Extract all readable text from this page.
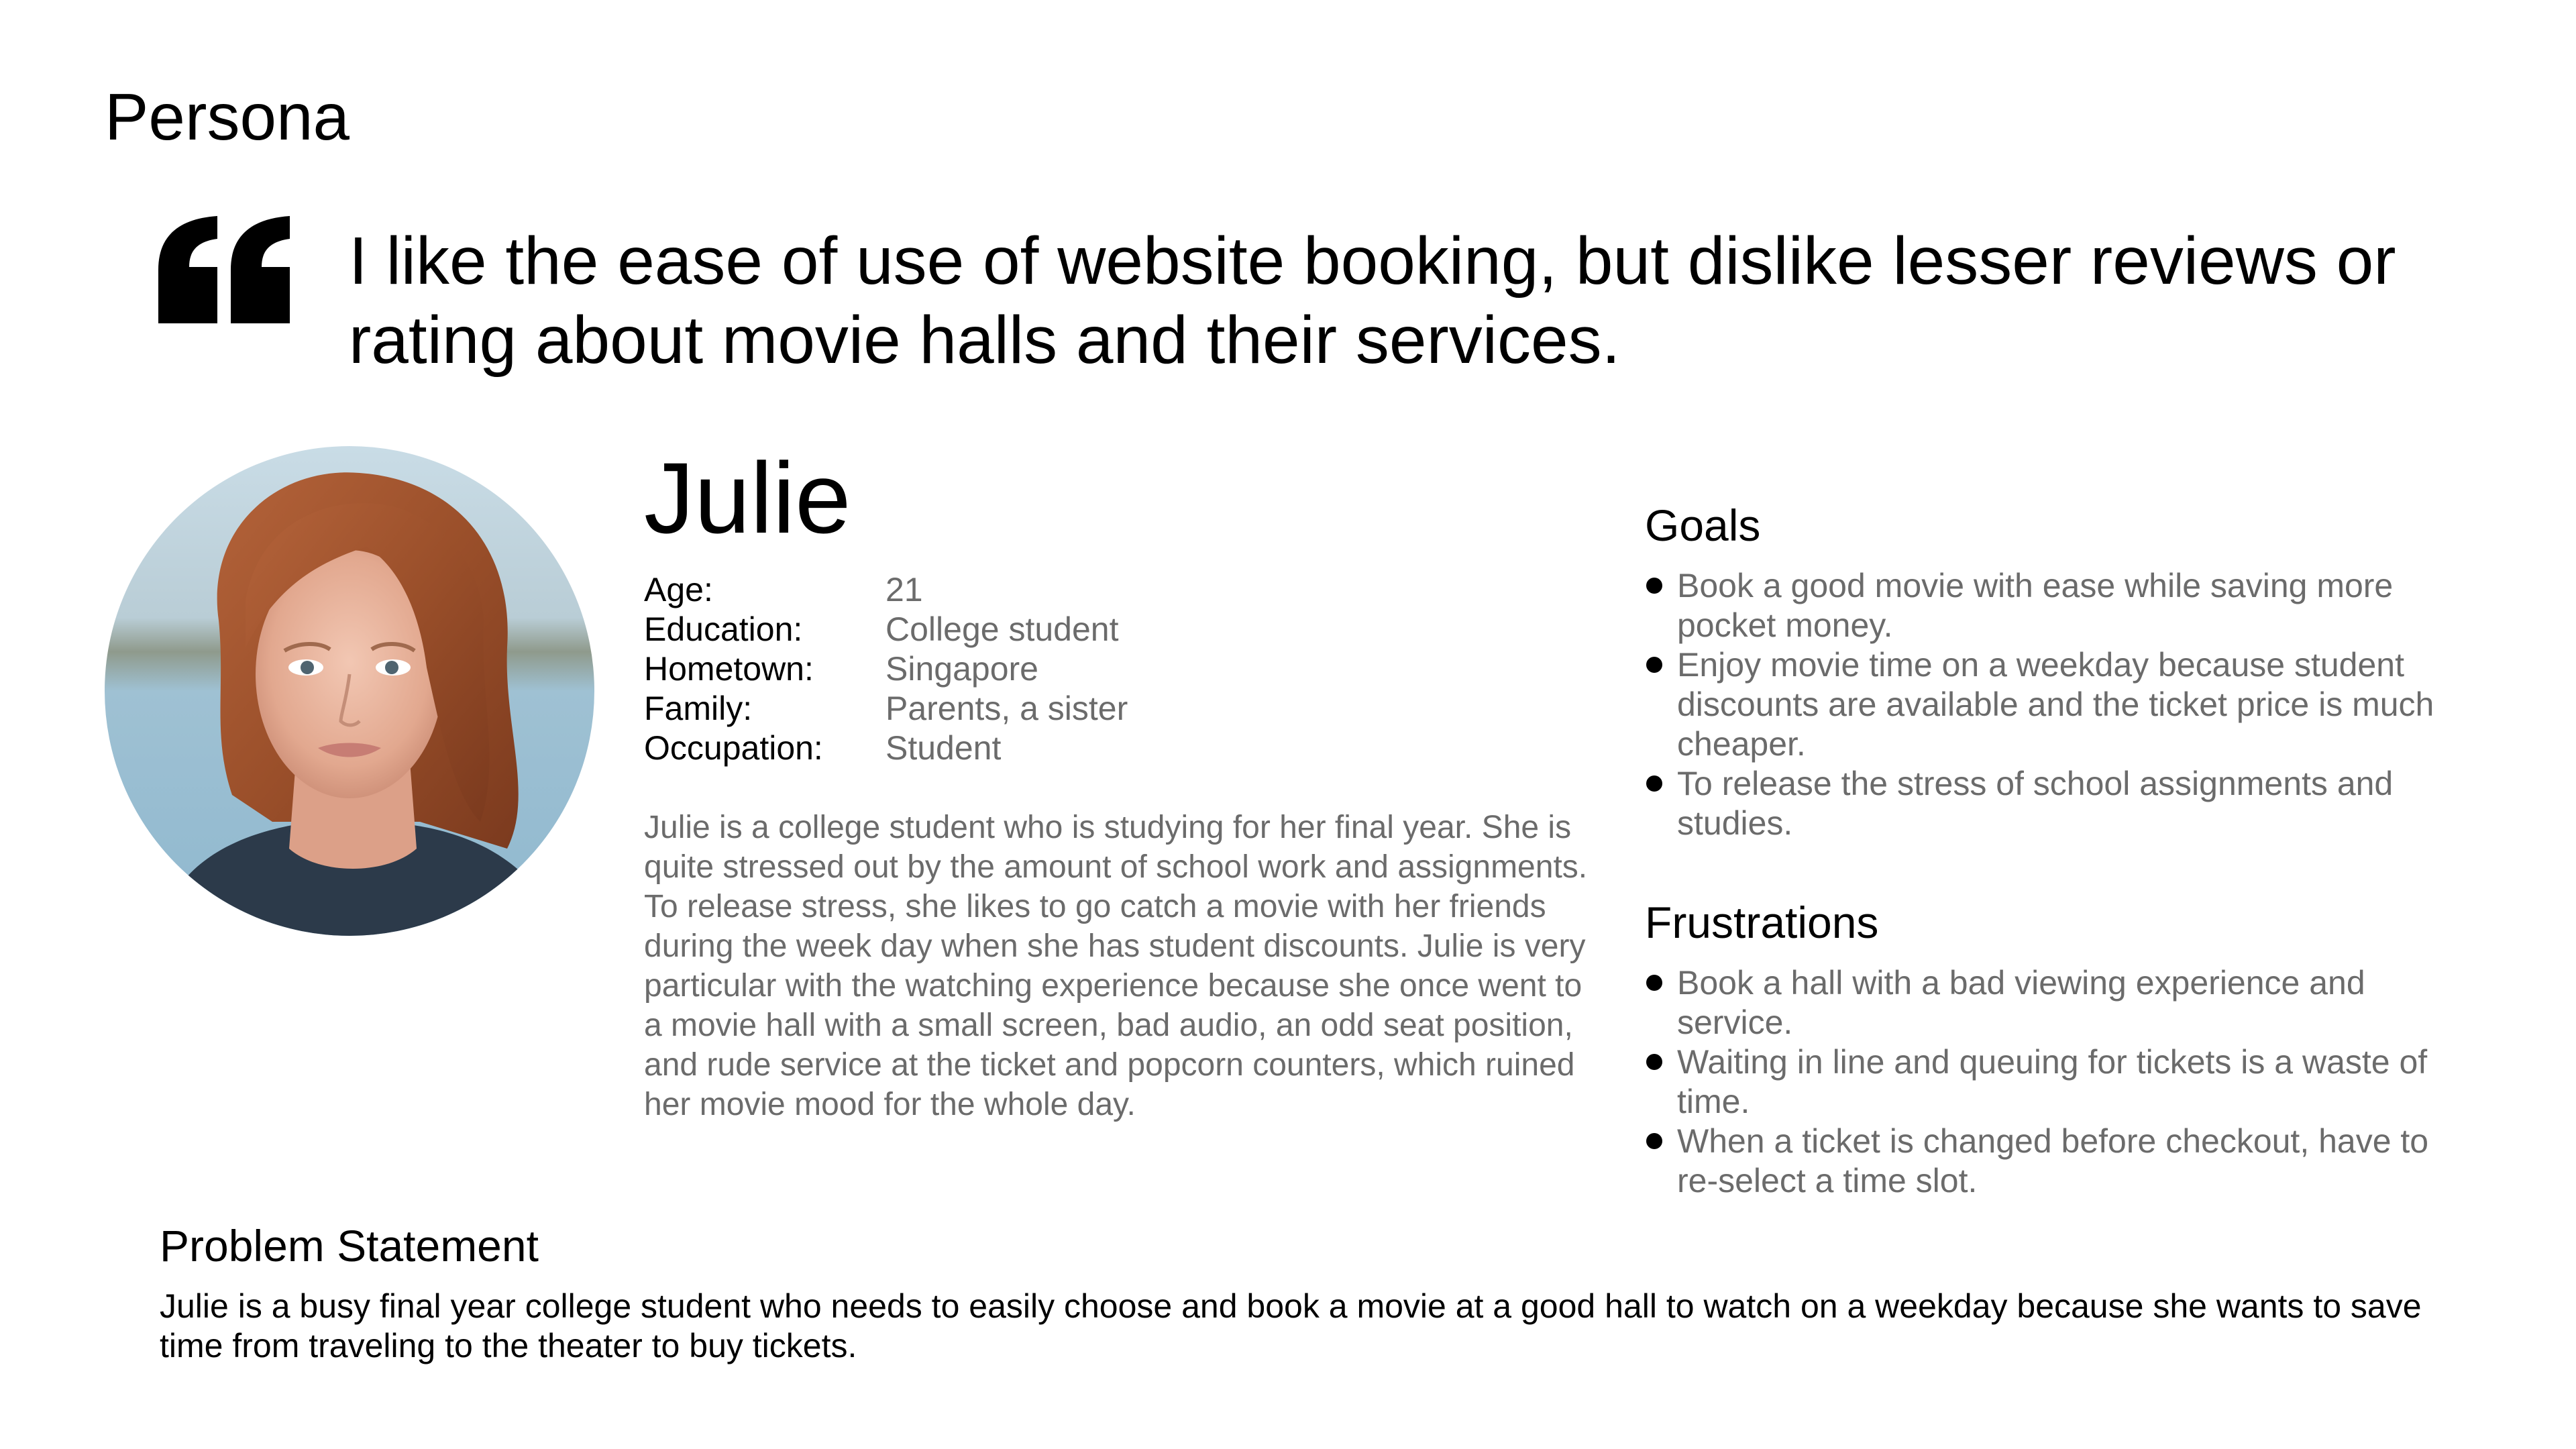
Persona
I like the ease of use of website booking, but dislike lesser reviews or rating about movie halls and their services.
Julie
Age:	21
Education:	College student
Hometown:	Singapore
Family:	Parents, a sister
Occupation:	Student
Julie is a college student who is studying for her final year. She is quite stressed out by the amount of school work and assignments. To release stress, she likes to go catch a movie with her friends during the week day when she has student discounts. Julie is very particular with the watching experience because she once went to a movie hall with a small screen, bad audio, an odd seat position, and rude service at the ticket and popcorn counters, which ruined her movie mood for the whole day.
Goals
Book a good movie with ease while saving more pocket money.
Enjoy movie time on a weekday because student discounts are available and the ticket price is much cheaper.
To release the stress of school assignments and studies.
Frustrations
Book a hall with a bad viewing experience and service.
Waiting in line and queuing for tickets is a waste of time.
When a ticket is changed before checkout, have to re-select a time slot.
Problem Statement
Julie is a busy final year college student who needs to easily choose and book a movie at a good hall to watch on a weekday because she wants to save time from traveling to the theater to buy tickets.
